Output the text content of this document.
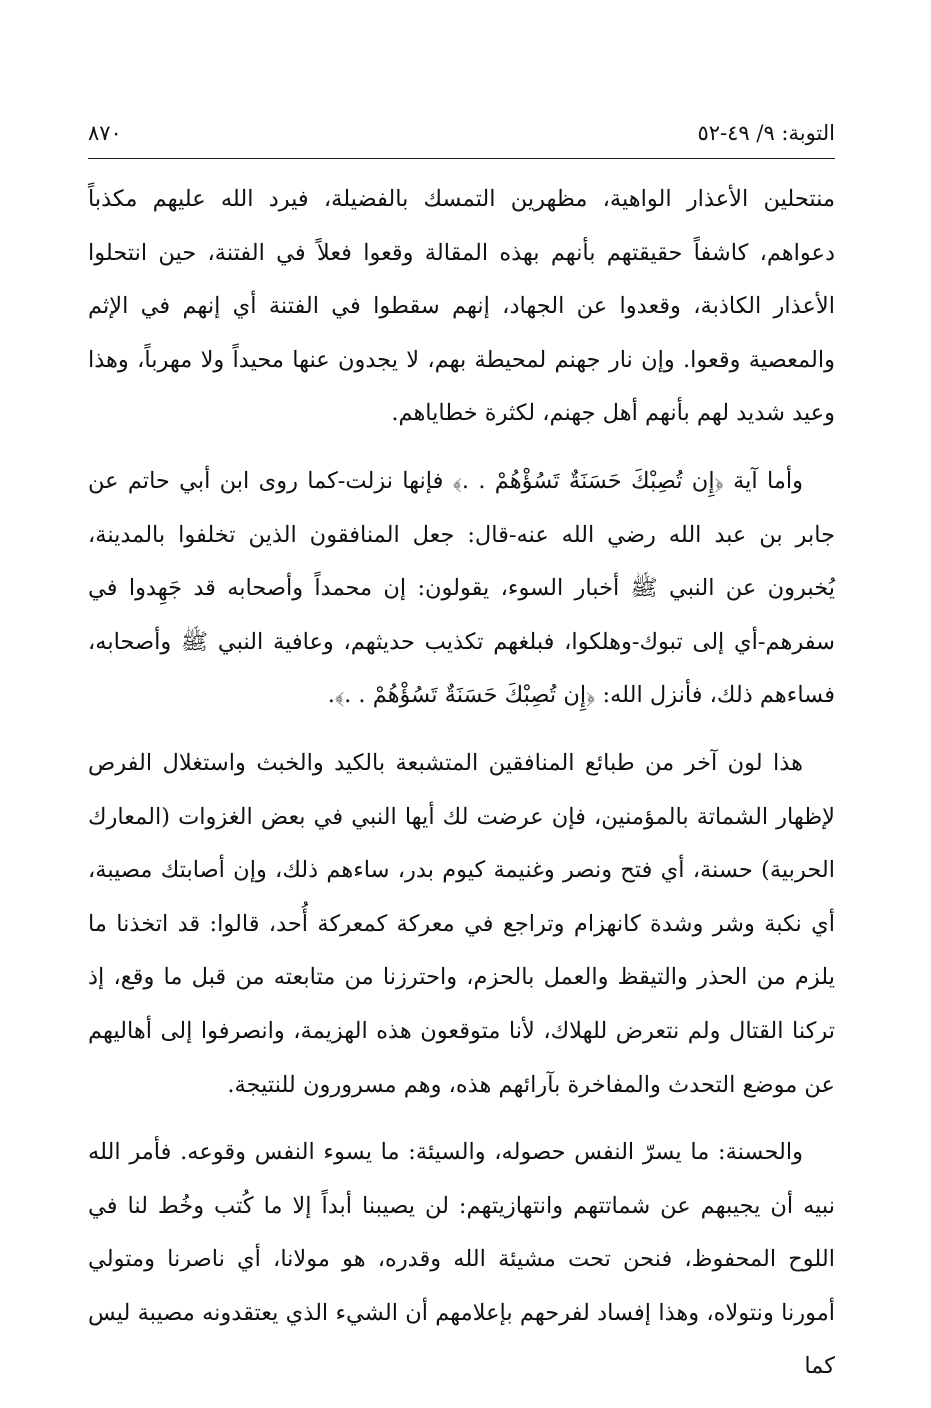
التوبة: ٩/ ٤٩-٥٢
٨٧٠

منتحلين الأعذار الواهية، مظهرين التمسك بالفضيلة، فيرد الله عليهم مكذباً دعواهم، كاشفاً حقيقتهم بأنهم بهذه المقالة وقعوا فعلاً في الفتنة، حين انتحلوا الأعذار الكاذبة، وقعدوا عن الجهاد، إنهم سقطوا في الفتنة أي إنهم في الإثم والمعصية وقعوا. وإن نار جهنم لمحيطة بهم، لا يجدون عنها محيداً ولا مهرباً، وهذا وعيد شديد لهم بأنهم أهل جهنم، لكثرة خطاياهم.

وأما آية ﴿إِن تُصِبْكَ حَسَنَةٌ تَسُؤْهُمْ . .﴾ فإنها نزلت-كما روى ابن أبي حاتم عن جابر بن عبد الله رضي الله عنه-قال: جعل المنافقون الذين تخلفوا بالمدينة، يُخبرون عن النبي ﷺ أخبار السوء، يقولون: إن محمداً وأصحابه قد جَهِدوا في سفرهم-أي إلى تبوك-وهلكوا، فبلغهم تكذيب حديثهم، وعافية النبي ﷺ وأصحابه، فساءهم ذلك، فأنزل الله: ﴿إِن تُصِبْكَ حَسَنَةٌ تَسُؤْهُمْ . .﴾.

هذا لون آخر من طبائع المنافقين المتشبعة بالكيد والخبث واستغلال الفرص لإظهار الشماتة بالمؤمنين، فإن عرضت لك أيها النبي في بعض الغزوات (المعارك الحربية) حسنة، أي فتح ونصر وغنيمة كيوم بدر، ساءهم ذلك، وإن أصابتك مصيبة، أي نكبة وشر وشدة كانهزام وتراجع في معركة كمعركة أُحد، قالوا: قد اتخذنا ما يلزم من الحذر والتيقظ والعمل بالحزم، واحترزنا من متابعته من قبل ما وقع، إذ تركنا القتال ولم نتعرض للهلاك، لأنا متوقعون هذه الهزيمة، وانصرفوا إلى أهاليهم عن موضع التحدث والمفاخرة بآرائهم هذه، وهم مسرورون للنتيجة.

والحسنة: ما يسرّ النفس حصوله، والسيئة: ما يسوء النفس وقوعه. فأمر الله نبيه أن يجيبهم عن شماتتهم وانتهازيتهم: لن يصيبنا أبداً إلا ما كُتب وخُط لنا في اللوح المحفوظ، فنحن تحت مشيئة الله وقدره، هو مولانا، أي ناصرنا ومتولي أمورنا ونتولاه، وهذا إفساد لفرحهم بإعلامهم أن الشيء الذي يعتقدونه مصيبة ليس كما
